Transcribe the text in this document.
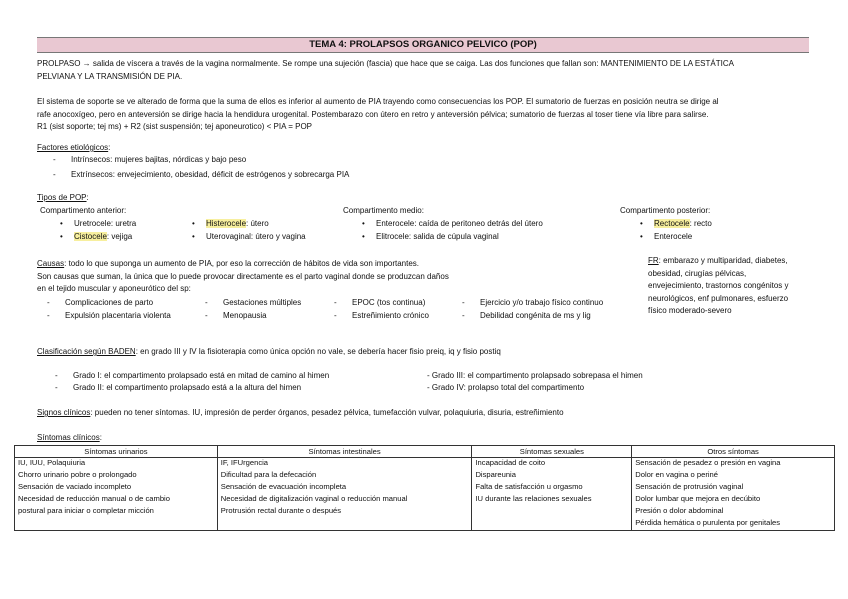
TEMA 4: PROLAPSOS ORGANICO PELVICO (POP)
PROLPASO → salida de víscera a través de la vagina normalmente. Se rompe una sujeción (fascia) que hace que se caiga. Las dos funciones que fallan son: MANTENIMIENTO DE LA ESTÁTICA
PELVIANA Y LA TRANSMISIÓN DE PIA.
El sistema de soporte se ve alterado de forma que la suma de ellos es inferior al aumento de PIA trayendo como consecuencias los POP. El sumatorio de fuerzas en posición neutra se dirige al
rafe anocoxígeo, pero en anteversión se dirige hacia la hendidura urogenital. Postembarazo con útero en retro y anteversión pélvica; sumatorio de fuerzas al toser tiene vía libre para salirse.
R1 (sist soporte; tej ms) + R2 (sist suspensión; tej aponeurotico) < PIA = POP
Factores etiológicos:
- Intrínsecos: mujeres bajitas, nórdicas y bajo peso
- Extrínsecos: envejecimiento, obesidad, déficit de estrógenos y sobrecarga PIA
Tipos de POP:
Compartimento anterior:
• Uretrocele: uretra
• Cistocele: vejiga
• Histerocele: útero
• Uterovaginal: útero y vagina
Compartimento medio:
• Enterocele: caída de peritoneo detrás del útero
• Elitrocele: salida de cúpula vaginal
Compartimento posterior:
• Rectocele: recto
• Enterocele
FR: embarazo y multiparidad, diabetes,
obesidad, cirugías pélvicas,
envejecimiento, trastornos congénitos y
neurológicos, enf pulmonares, esfuerzo
físico moderado-severo
Causas: todo lo que suponga un aumento de PIA, por eso la corrección de hábitos de vida son importantes.
Son causas que suman, la única que lo puede provocar directamente es el parto vaginal donde se produzcan daños
en el tejido muscular y aponeurótico del sp:
- Complicaciones de parto -	Gestaciones múltiples -	EPOC (tos continua) -	Ejercicio y/o trabajo físico continuo
- Expulsión placentaria violenta -	Menopausia -	Estreñimiento crónico -	Debilidad congénita de ms y lig
Clasificación según BADEN: en grado III y IV la fisioterapia como única opción no vale, se debería hacer fisio preiq, iq y fisio postiq
- Grado I: el compartimento prolapsado está en mitad de camino al himen
- Grado II: el compartimento prolapsado está a la altura del himen
- Grado III: el compartimento prolapsado sobrepasa el himen
- Grado IV: prolapso total del compartimento
Signos clínicos: pueden no tener síntomas. IU, impresión de perder órganos, pesadez pélvica, tumefacción vulvar, polaquiuria, disuria, estreñimiento
Síntomas clínicos:
Síntomas urinarios	Síntomas intestinales	Síntomas sexuales	Otros síntomas
IU, IUU, Polaquiuria	IF, IFUrgencia	Incapacidad de coito	Sensación de pesadez o presión en vagina
Chorro urinario pobre o prolongado	Dificultad para la defecación	Dispareunia	Dolor en vagina o periné
Sensación de vaciado incompleto	Sensación de evacuación incompleta	Falta de satisfacción u orgasmo	Sensación de protrusión vaginal
Necesidad de reducción manual o de cambio	Necesidad de digitalización vaginal o reducción manual	IU durante las relaciones sexuales	Dolor lumbar que mejora en decúbito
postural para iniciar o completar micción	Protrusión rectal durante o después		Presión o dolor abdominal
			Pérdida hemática o purulenta por genitales
